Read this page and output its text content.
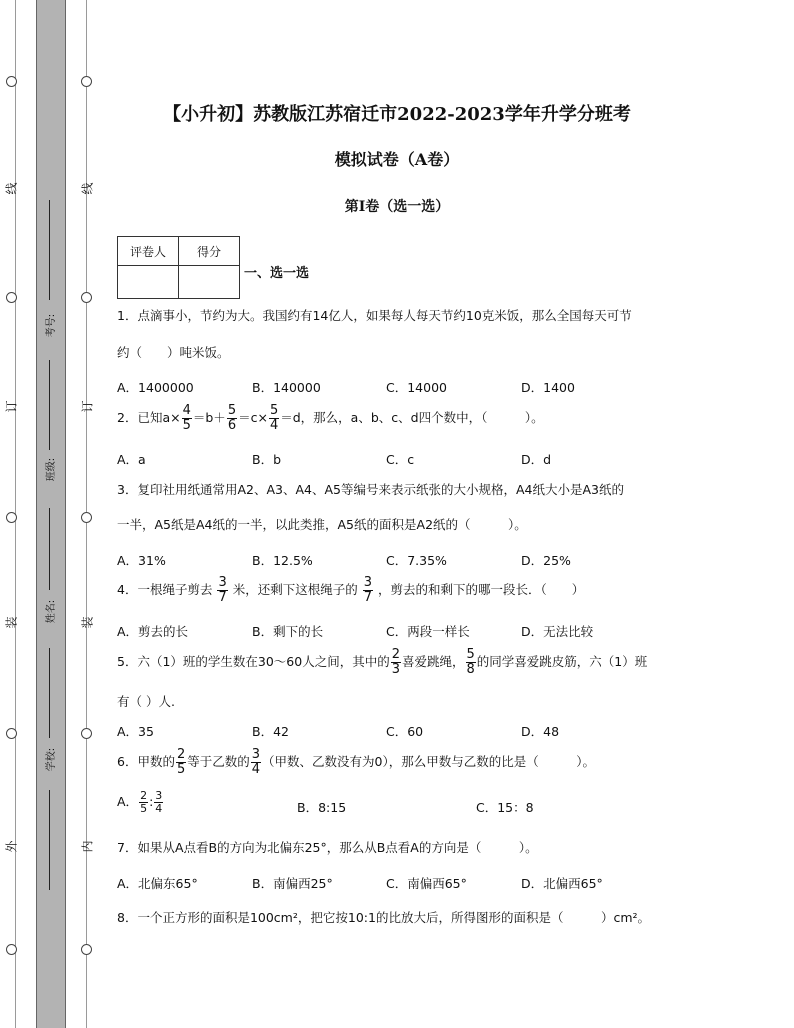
线
订
装
外
线
订
装
内
考号:
班级:
姓名:
学校:
【小升初】苏教版江苏宿迁市2022-2023学年升学分班考
模拟试卷（A卷）
第Ⅰ卷（选一选）
评卷人	得分

一、选一选
1．点滴事小，节约为大。我国约有14亿人，如果每人每天节约10克米饭，那么全国每天可节
约（　　）吨米饭。
A．1400000	B．140000	C．14000	D．1400
2．已知$a\times \frac{4}{5} =b+ \frac{5}{6} =c\times \frac{5}{4} =d$，那么，a、b、c、d四个数中，（　　　）。
A．a	B．b	C．c	D．d
3．复印社用纸通常用A2、A3、A4、A5等编号来表示纸张的大小规格，A4纸大小是A3纸的
一半，A5纸是A4纸的一半，以此类推，A5纸的面积是A2纸的（　　　）。
A．31%	B．12.5%	C．7.35%	D．25%
4．一根绳子剪去 $\frac{3}{7}$ 米，还剩下这根绳子的 $\frac{3}{7}$ ，剪去的和剩下的哪一段长．（　　）
A．剪去的长	B．剩下的长	C．两段一样长	D．无法比较
5．六（1）班的学生数在30～60人之间，其中的 $\frac{2}{3}$ 喜爱跳绳， $\frac{5}{8}$ 的同学喜爱跳皮筋，六（1）班
有（ ）人.
A．35	B．42	C．60	D．48
6．甲数的 $\frac{2}{5}$ 等于乙数的 $\frac{3}{4}$ （甲数、乙数没有为0），那么甲数与乙数的比是（　　　）。
A． $\frac{2}{5}$ : $\frac{3}{4}$	B．8:15	C．15：8
7．如果从A点看B的方向为北偏东25°，那么从B点看A的方向是（　　　）。
A．北偏东65°	B．南偏西25°	C．南偏西65°	D．北偏西65°
8．一个正方形的面积是100cm²，把它按10:1的比放大后，所得图形的面积是（　　　）cm²。
